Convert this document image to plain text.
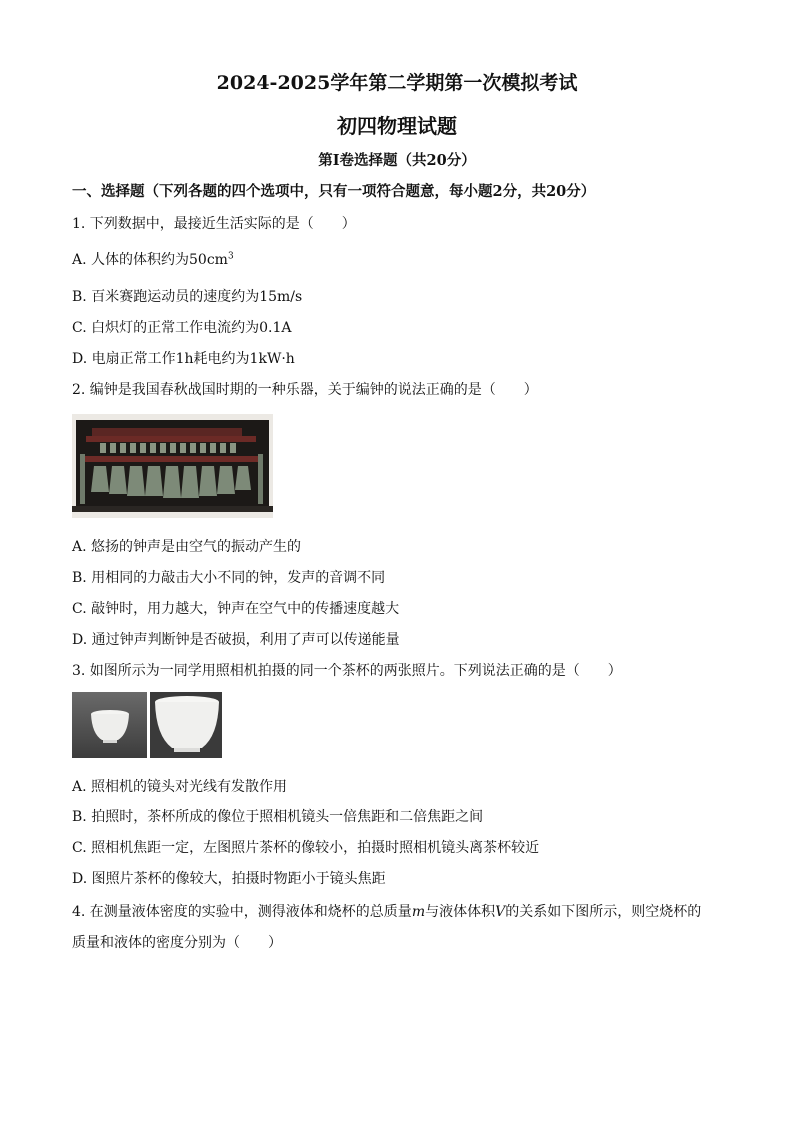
2024-2025学年第二学期第一次模拟考试
初四物理试题
第Ⅰ卷选择题（共20分）
一、选择题（下列各题的四个选项中，只有一项符合题意，每小题2分，共20分）
1. 下列数据中，最接近生活实际的是（　　）
A. 人体的体积约为$50cm^3$
B. 百米赛跑运动员的速度约为15m/s
C. 白炽灯的正常工作电流约为0.1A
D. 电扇正常工作1h耗电约为1kW·h
2. 编钟是我国春秋战国时期的一种乐器，关于编钟的说法正确的是（　　）
A. 悠扬的钟声是由空气的振动产生的
B. 用相同的力敲击大小不同的钟，发声的音调不同
C. 敲钟时，用力越大，钟声在空气中的传播速度越大
D. 通过钟声判断钟是否破损，利用了声可以传递能量
3. 如图所示为一同学用照相机拍摄的同一个茶杯的两张照片。下列说法正确的是（　　）
A. 照相机的镜头对光线有发散作用
B. 拍照时，茶杯所成的像位于照相机镜头一倍焦距和二倍焦距之间
C. 照相机焦距一定，左图照片茶杯的像较小，拍摄时照相机镜头离茶杯较近
D. 图照片茶杯的像较大，拍摄时物距小于镜头焦距
4. 在测量液体密度的实验中，测得液体和烧杯的总质量m与液体体积V的关系如下图所示，则空烧杯的
质量和液体的密度分别为（　　）
